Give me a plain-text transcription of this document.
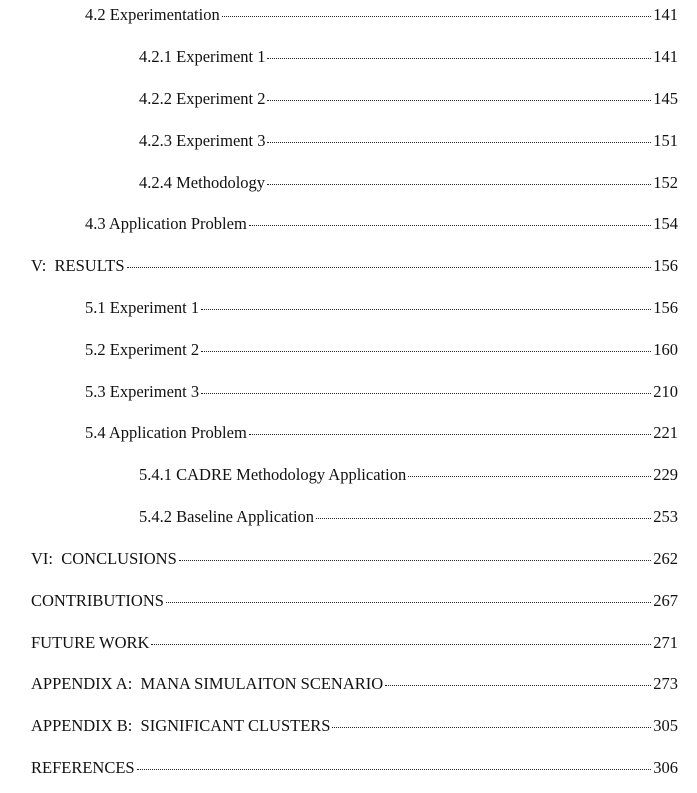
4.2 Experimentation	141
4.2.1 Experiment 1	141
4.2.2 Experiment 2	145
4.2.3 Experiment 3	151
4.2.4 Methodology	152
4.3 Application Problem	154
V:  RESULTS	156
5.1 Experiment 1	156
5.2 Experiment 2	160
5.3 Experiment 3	210
5.4 Application Problem	221
5.4.1 CADRE Methodology Application	229
5.4.2 Baseline Application	253
VI:  CONCLUSIONS	262
CONTRIBUTIONS	267
FUTURE WORK	271
APPENDIX A:  MANA SIMULAITON SCENARIO	273
APPENDIX B:  SIGNIFICANT CLUSTERS	305
REFERENCES	306
